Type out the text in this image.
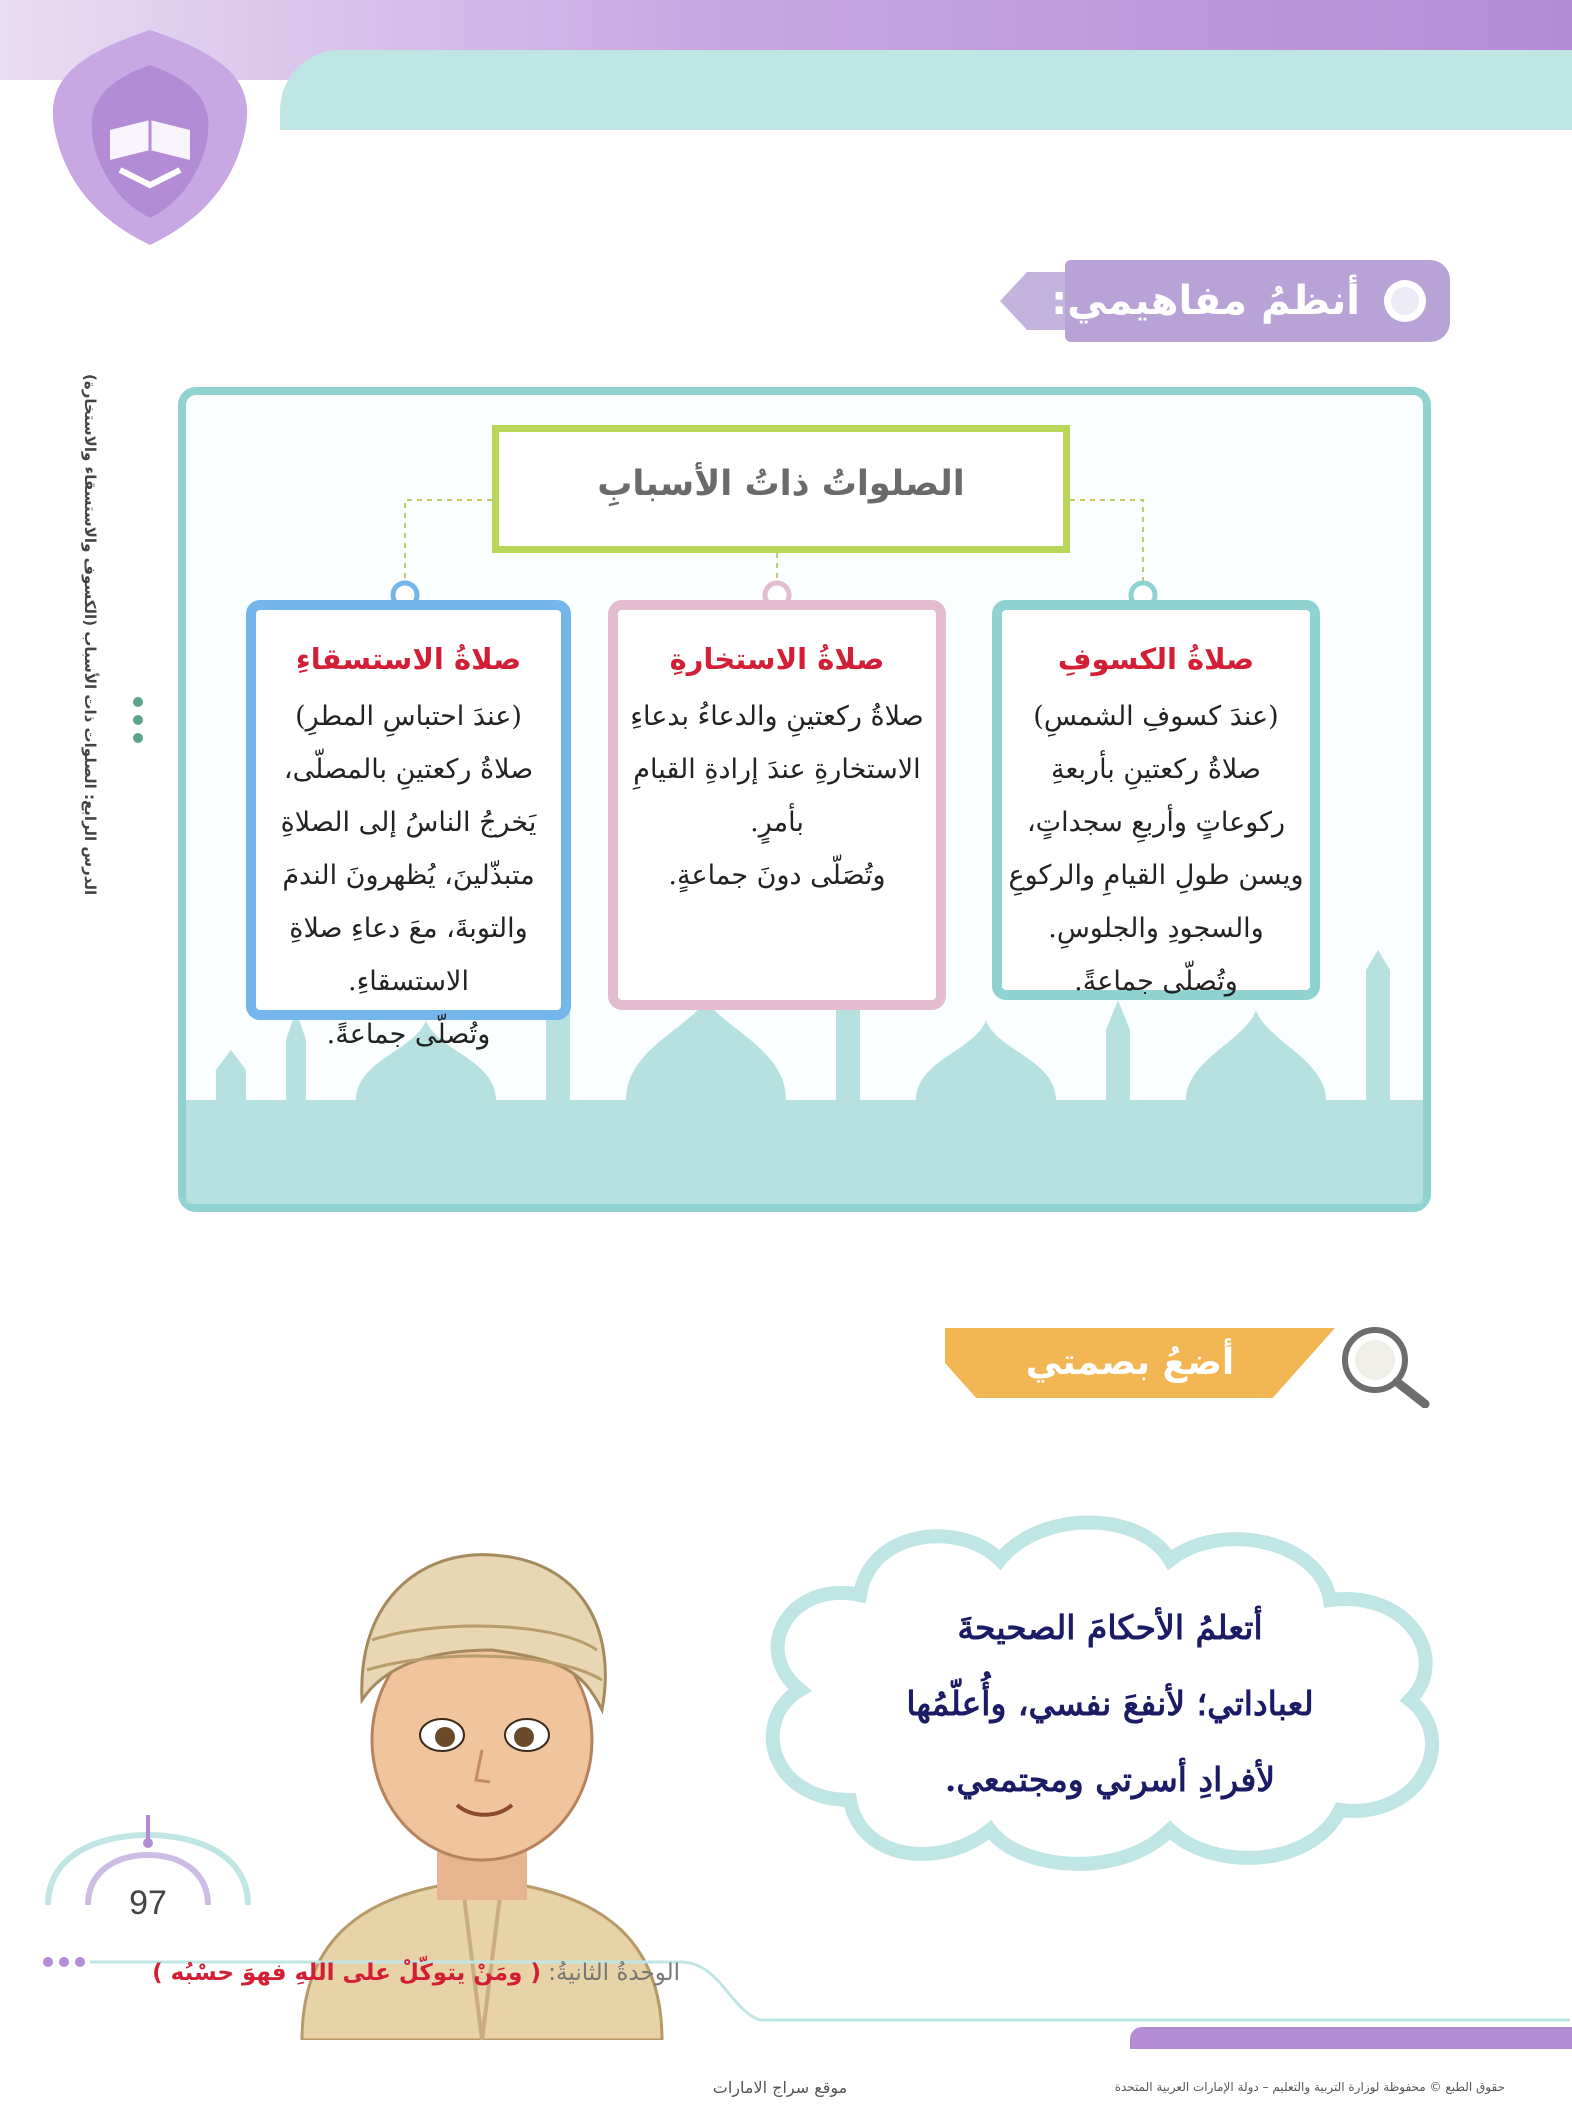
الدرس الرابع: الصلوات ذات الأسباب (الكسوف والاستسقاء والاستخارة)
أنظمُ مفاهيمي:
الصلواتُ ذاتُ الأسبابِ
صلاةُ الكسوفِ
(عندَ كسوفِ الشمسِ)
صلاةُ ركعتينِ بأربعةِ
ركوعاتٍ وأربعِ سجداتٍ،
ويسن طولِ القيامِ والركوعِ
والسجودِ والجلوسِ.
وتُصلّى جماعةً.
صلاةُ الاستخارةِ
صلاةُ ركعتينِ والدعاءُ بدعاءِ
الاستخارةِ عندَ إرادةِ القيامِ
بأمرٍ.
وتُصَلّى دونَ جماعةٍ.
صلاةُ الاستسقاءِ
(عندَ احتباسِ المطرِ)
صلاةُ ركعتينِ بالمصلّى،
يَخرجُ الناسُ إلى الصلاةِ
متبذّلينَ، يُظهرونَ الندمَ
والتوبةَ، معَ دعاءِ صلاةِ
الاستسقاءِ.
وتُصلّى جماعةً.
أضعُ بصمتي
أتعلمُ الأحكامَ الصحيحةَ
لعباداتي؛ لأنفعَ نفسي، وأُعلّمُها
لأفرادِ أسرتي ومجتمعي.
97
الوحدةُ الثانيةُ: ( ومَنْ يتوكّلْ على اللهِ فهوَ حسْبُه )
حقوق الطبع © محفوظة لوزارة التربية والتعليم – دولة الإمارات العربية المتحدة
موقع سراج الامارات
